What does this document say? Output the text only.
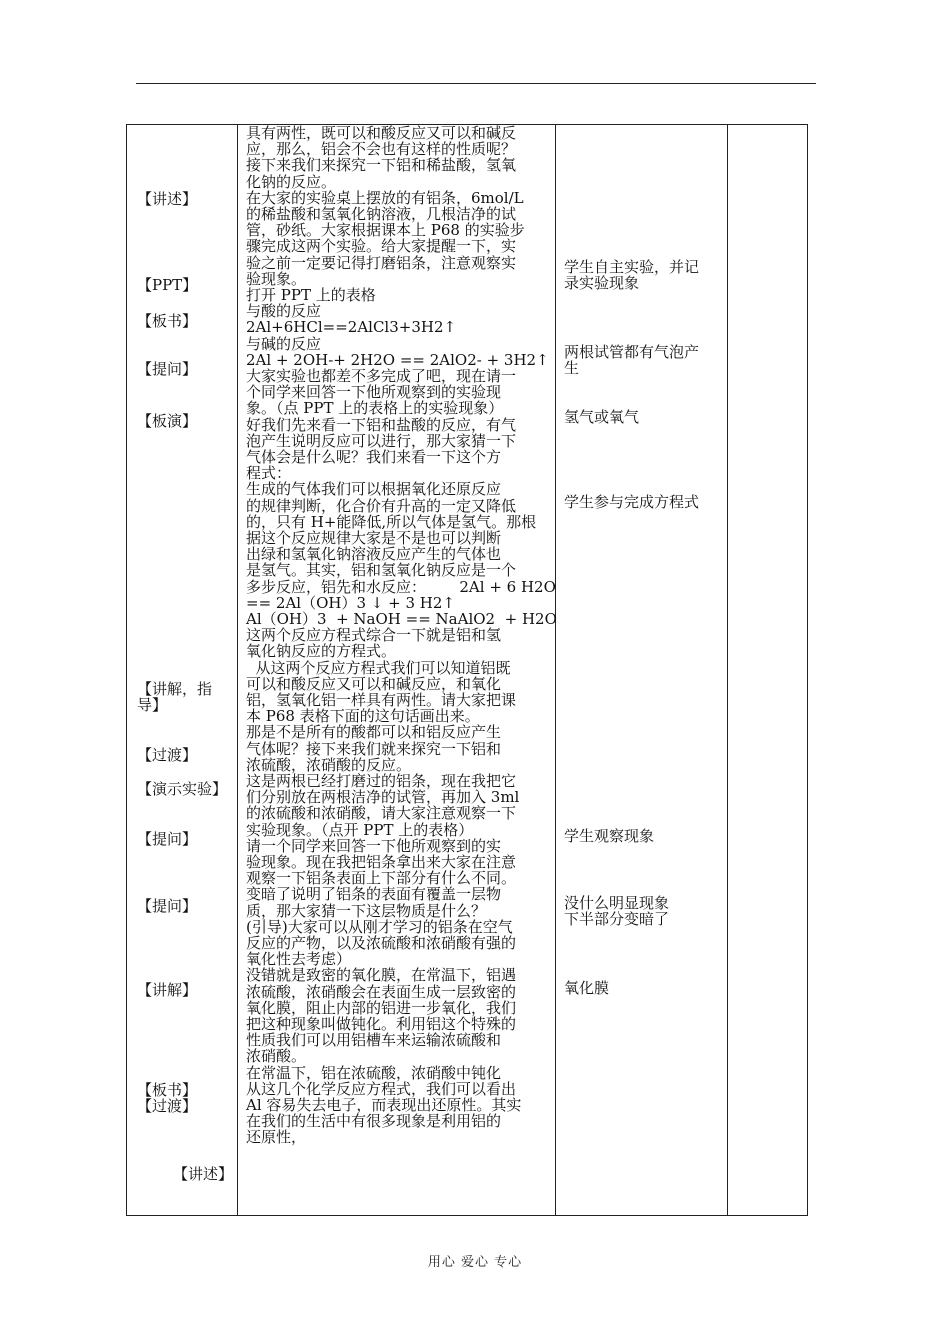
【讲述】
【PPT】
【板书】
【提问】
【板演】
【讲解，指
导】
【过渡】
【演示实验】
【提问】
【提问】
【讲解】
【板书】
【过渡】
【讲述】
具有两性，既可以和酸反应又可以和碱反
应，那么，铝会不会也有这样的性质呢？
接下来我们来探究一下铝和稀盐酸，氢氧
化钠的反应。
在大家的实验桌上摆放的有铝条，6mol/L
的稀盐酸和氢氧化钠溶液，几根洁净的试
管，砂纸。大家根据课本上 P68 的实验步
骤完成这两个实验。给大家提醒一下，实
验之前一定要记得打磨铝条，注意观察实
验现象。
打开 PPT 上的表格
与酸的反应
2Al+6HCl==2AlCl3+3H2↑
与碱的反应
2Al + 2OH-+ 2H2O == 2AlO2- + 3H2↑
大家实验也都差不多完成了吧，现在请一
个同学来回答一下他所观察到的实验现
象。（点 PPT 上的表格上的实验现象）
好我们先来看一下铝和盐酸的反应，有气
泡产生说明反应可以进行，那大家猜一下
气体会是什么呢？我们来看一下这个方
程式：
生成的气体我们可以根据氧化还原反应
的规律判断，化合价有升高的一定又降低
的，只有 H+能降低,所以气体是氢气。那根
据这个反应规律大家是不是也可以判断
出绿和氢氧化钠溶液反应产生的气体也
是氢气。其实，铝和氢氧化钠反应是一个
多步反应，铝先和水反应：       2Al + 6 H2O
== 2Al（OH）3 ↓ + 3 H2↑
Al（OH）3  + NaOH == NaAlO2  + H2O
这两个反应方程式综合一下就是铝和氢
氧化钠反应的方程式。
从这两个反应方程式我们可以知道铝既
可以和酸反应又可以和碱反应，和氧化
铝，氢氧化铝一样具有两性。请大家把课
本 P68 表格下面的这句话画出来。
那是不是所有的酸都可以和铝反应产生
气体呢？接下来我们就来探究一下铝和
浓硫酸，浓硝酸的反应。
这是两根已经打磨过的铝条，现在我把它
们分别放在两根洁净的试管，再加入 3ml
的浓硫酸和浓硝酸，请大家注意观察一下
实验现象。（点开 PPT 上的表格）
请一个同学来回答一下他所观察到的实
验现象。现在我把铝条拿出来大家在注意
观察一下铝条表面上下部分有什么不同。
变暗了说明了铝条的表面有覆盖一层物
质，那大家猜一下这层物质是什么？
(引导)大家可以从刚才学习的铝条在空气
反应的产物，以及浓硫酸和浓硝酸有强的
氧化性去考虑）
没错就是致密的氧化膜，在常温下，铝遇
浓硫酸，浓硝酸会在表面生成一层致密的
氧化膜，阻止内部的铝进一步氧化，我们
把这种现象叫做钝化。利用铝这个特殊的
性质我们可以用铝槽车来运输浓硫酸和
浓硝酸。
在常温下，铝在浓硫酸，浓硝酸中钝化
从这几个化学反应方程式，我们可以看出
Al 容易失去电子，而表现出还原性。其实
在我们的生活中有很多现象是利用铝的
还原性，
学生自主实验，并记
录实验现象
两根试管都有气泡产
生
氢气或氧气
学生参与完成方程式
学生观察现象
没什么明显现象
下半部分变暗了
氧化膜
用心 爱心 专心
